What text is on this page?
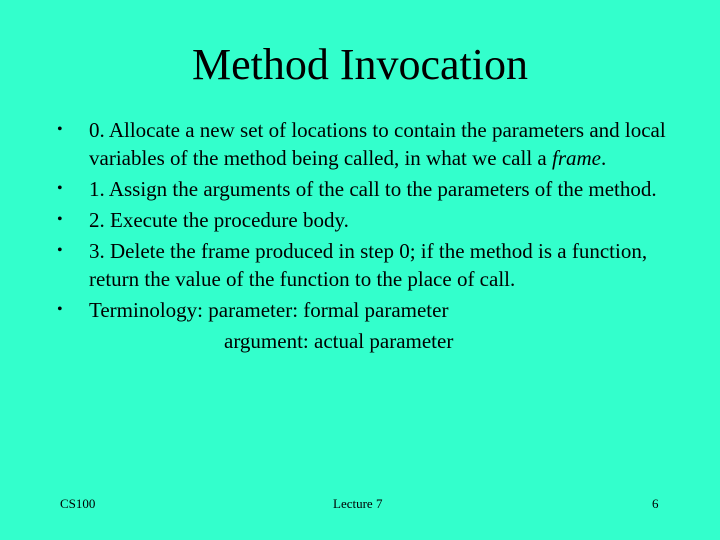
Method Invocation
• 0. Allocate a new set of locations to contain the parameters and local variables of the method being called, in what we call a frame.
• 1. Assign the arguments of the call to the parameters of the method.
• 2. Execute the procedure body.
• 3. Delete the frame produced in step 0; if the method is a function, return the value of the function to the place of call.
• Terminology: parameter: formal parameter
argument: actual parameter
CS100	Lecture 7	6
